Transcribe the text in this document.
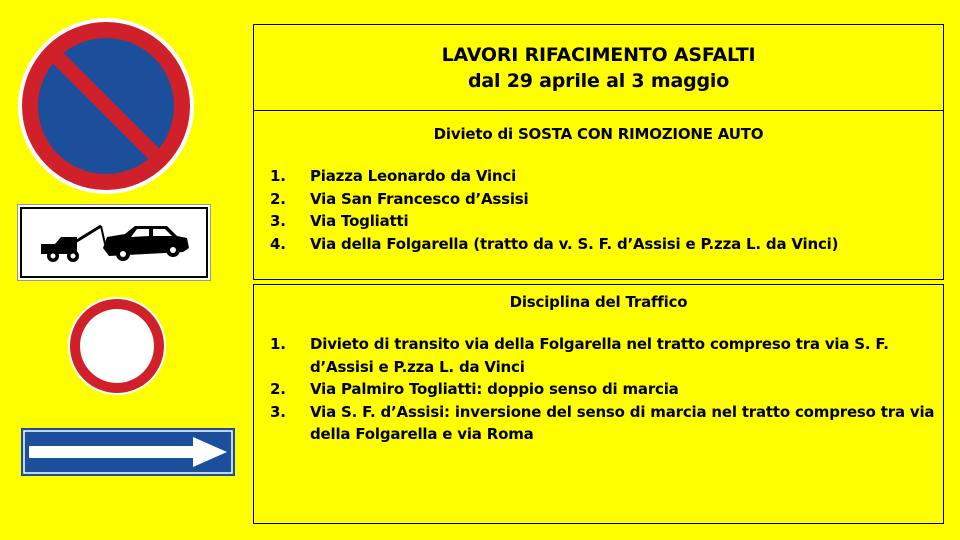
LAVORI RIFACIMENTO ASFALTI
dal 29 aprile al 3 maggio
Divieto di SOSTA CON RIMOZIONE AUTO
1.	Piazza Leonardo da Vinci
2.	Via San Francesco d’Assisi
3.	Via Togliatti
4.	Via della Folgarella (tratto da v. S. F. d’Assisi e P.zza L. da Vinci)
Disciplina del Traffico
1.	Divieto di transito via della Folgarella nel tratto compreso tra via S. F. d’Assisi e P.zza L. da Vinci
2.	Via Palmiro Togliatti: doppio senso di marcia
3.	Via S. F. d’Assisi: inversione del senso di marcia nel tratto compreso tra via della Folgarella e via Roma
